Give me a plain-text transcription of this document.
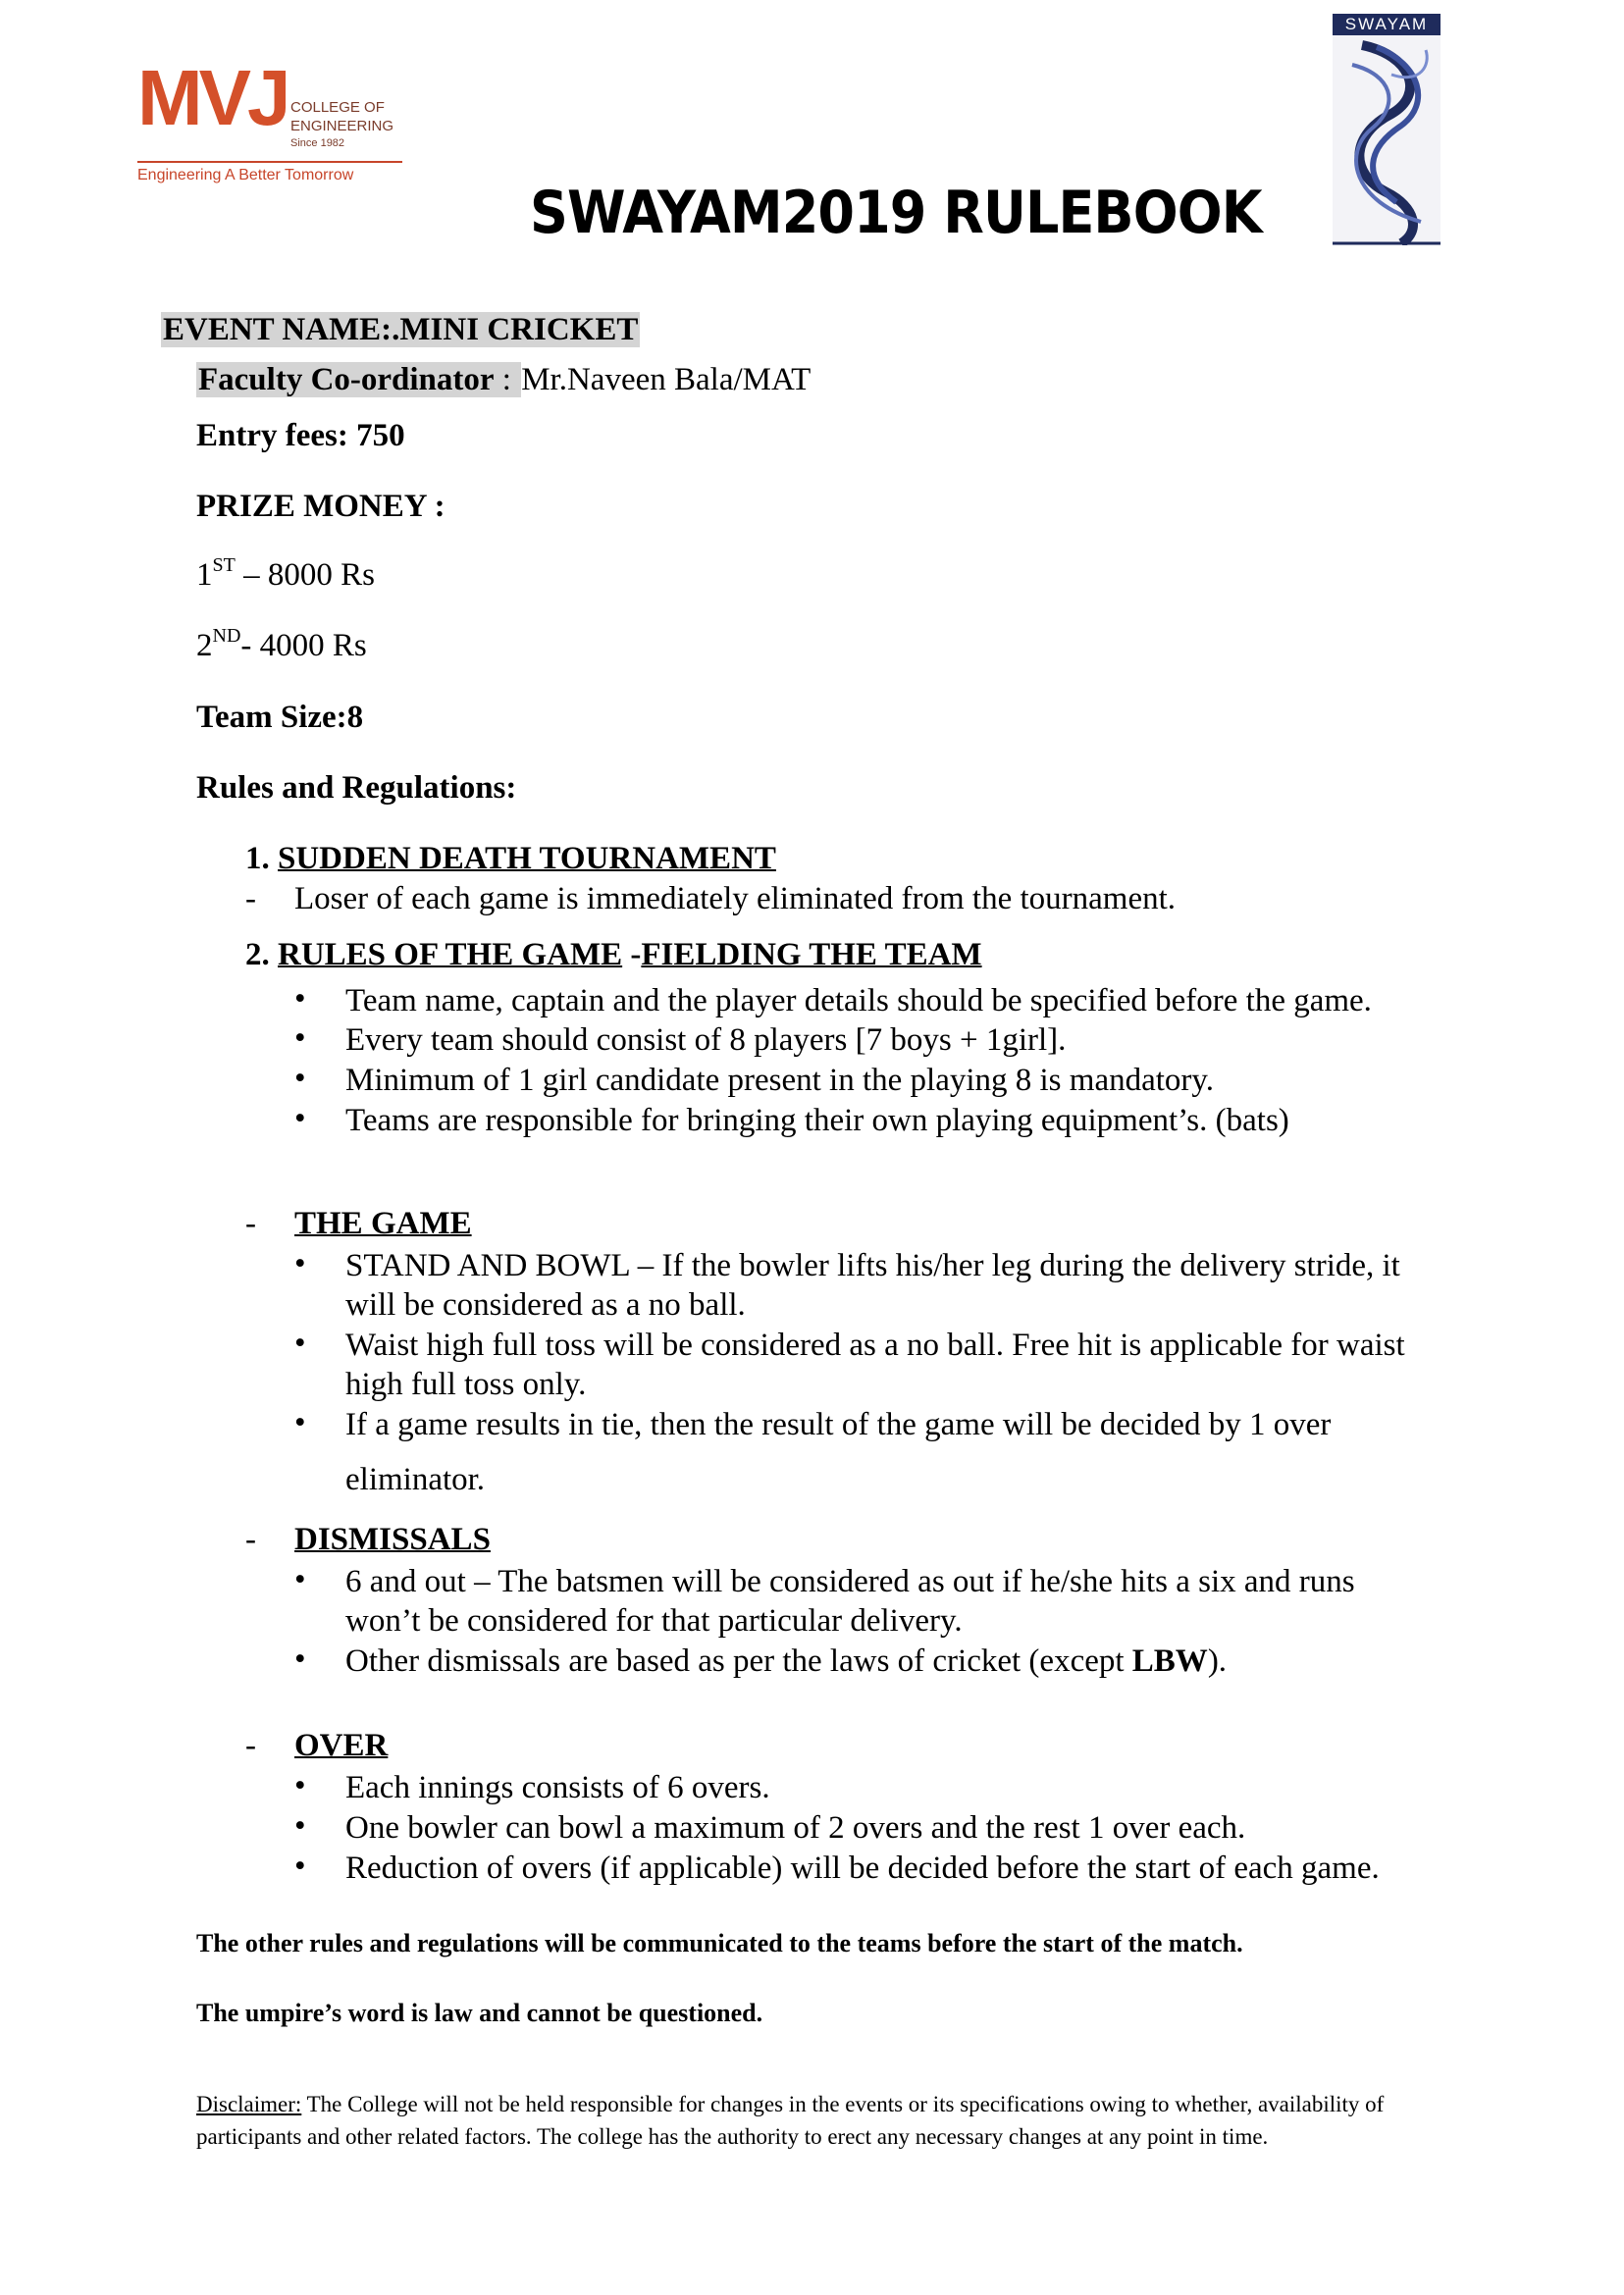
MVJ COLLEGE OF
ENGINEERING
Since 1982
Engineering A Better Tomorrow
SWAYAM
SWAYAM2019 RULEBOOK
EVENT NAME:.MINI CRICKET
Faculty Co-ordinator : Mr.Naveen Bala/MAT
Entry fees: 750
PRIZE MONEY :
1ST – 8000 Rs
2ND- 4000 Rs
Team Size:8
Rules and Regulations:
1. SUDDEN DEATH TOURNAMENT
- Loser of each game is immediately eliminated from the tournament.
2. RULES OF THE GAME -FIELDING THE TEAM
• Team name, captain and the player details should be specified before the game.
• Every team should consist of 8 players [7 boys + 1girl].
• Minimum of 1 girl candidate present in the playing 8 is mandatory.
• Teams are responsible for bringing their own playing equipment’s. (bats)
- THE GAME
• STAND AND BOWL – If the bowler lifts his/her leg during the delivery stride, it
will be considered as a no ball.
• Waist high full toss will be considered as a no ball. Free hit is applicable for waist
high full toss only.
• If a game results in tie, then the result of the game will be decided by 1 over
eliminator.
- DISMISSALS
• 6 and out – The batsmen will be considered as out if he/she hits a six and runs
won’t be considered for that particular delivery.
• Other dismissals are based as per the laws of cricket (except LBW).
- OVER
• Each innings consists of 6 overs.
• One bowler can bowl a maximum of 2 overs and the rest 1 over each.
• Reduction of overs (if applicable) will be decided before the start of each game.
The other rules and regulations will be communicated to the teams before the start of the match.
The umpire’s word is law and cannot be questioned.
Disclaimer: The College will not be held responsible for changes in the events or its specifications owing to whether, availability of participants and other related factors. The college has the authority to erect any necessary changes at any point in time.
